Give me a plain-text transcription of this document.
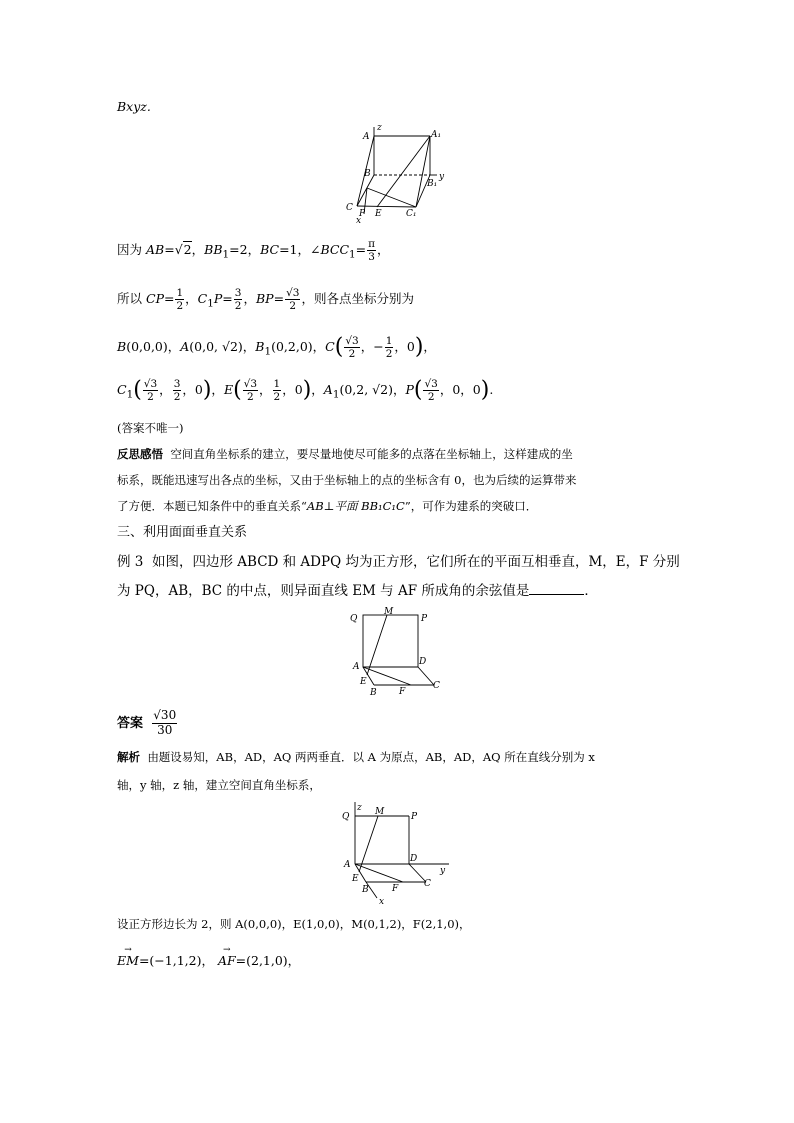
Bxyz.
A
z
A₁
B
B₁
y
C
P E	C₁
x
因为 AB=√2，$BB_1=2$，BC=1，$\angle BCC_1= \frac{\pi}{3}$ ，
所以 $CP= \frac{1}{2}$ ，$C_1P= \frac{3}{2}$ ，$BP= \frac{√3}{2}$ ，则各点坐标分别为
B(0,0,0)，A(0,0, √2)，$B_1(0,2,0)$，$C( \frac{√3}{2}$ ，− $\frac{1}{2}$ ，0)，
$C_1( \frac{√3}{2}$ ， $\frac{3}{2}$ ，0)，$E( \frac{√3}{2}$ ， $\frac{1}{2}$ ，0)，$A_1(0,2$, √2)，$P( \frac{√3}{2}$ ，0，0).
(答案不唯一)
反思感悟 空间直角坐标系的建立，要尽量地使尽可能多的点落在坐标轴上，这样建成的坐
标系，既能迅速写出各点的坐标，又由于坐标轴上的点的坐标含有 0，也为后续的运算带来
了方便．本题已知条件中的垂直关系“AB⊥平面 BB₁C₁C”，可作为建系的突破口．
三、利用面面垂直关系
例 3 如图，四边形 ABCD 和 ADPQ 均为正方形，它们所在的平面互相垂直，M，E，F 分别
为 PQ，AB，BC 的中点，则异面直线 EM 与 AF 所成角的余弦值是	．
Q
M
P
A	D
E
B F
C
答案 $\frac{√30}{30}$
解析 由题设易知，AB，AD，AQ 两两垂直．以 A 为原点，AB，AD，AQ 所在直线分别为 x
轴，y 轴，z 轴，建立空间直角坐标系，
Q
z M	P
A
D
y
E
B	F	C
x
设正方形边长为 2，则 A(0,0,0)，E(1,0,0)，M(0,1,2)，F(2,1,0)，
→ EM=(−1,1,2)， → AF=(2,1,0)，
